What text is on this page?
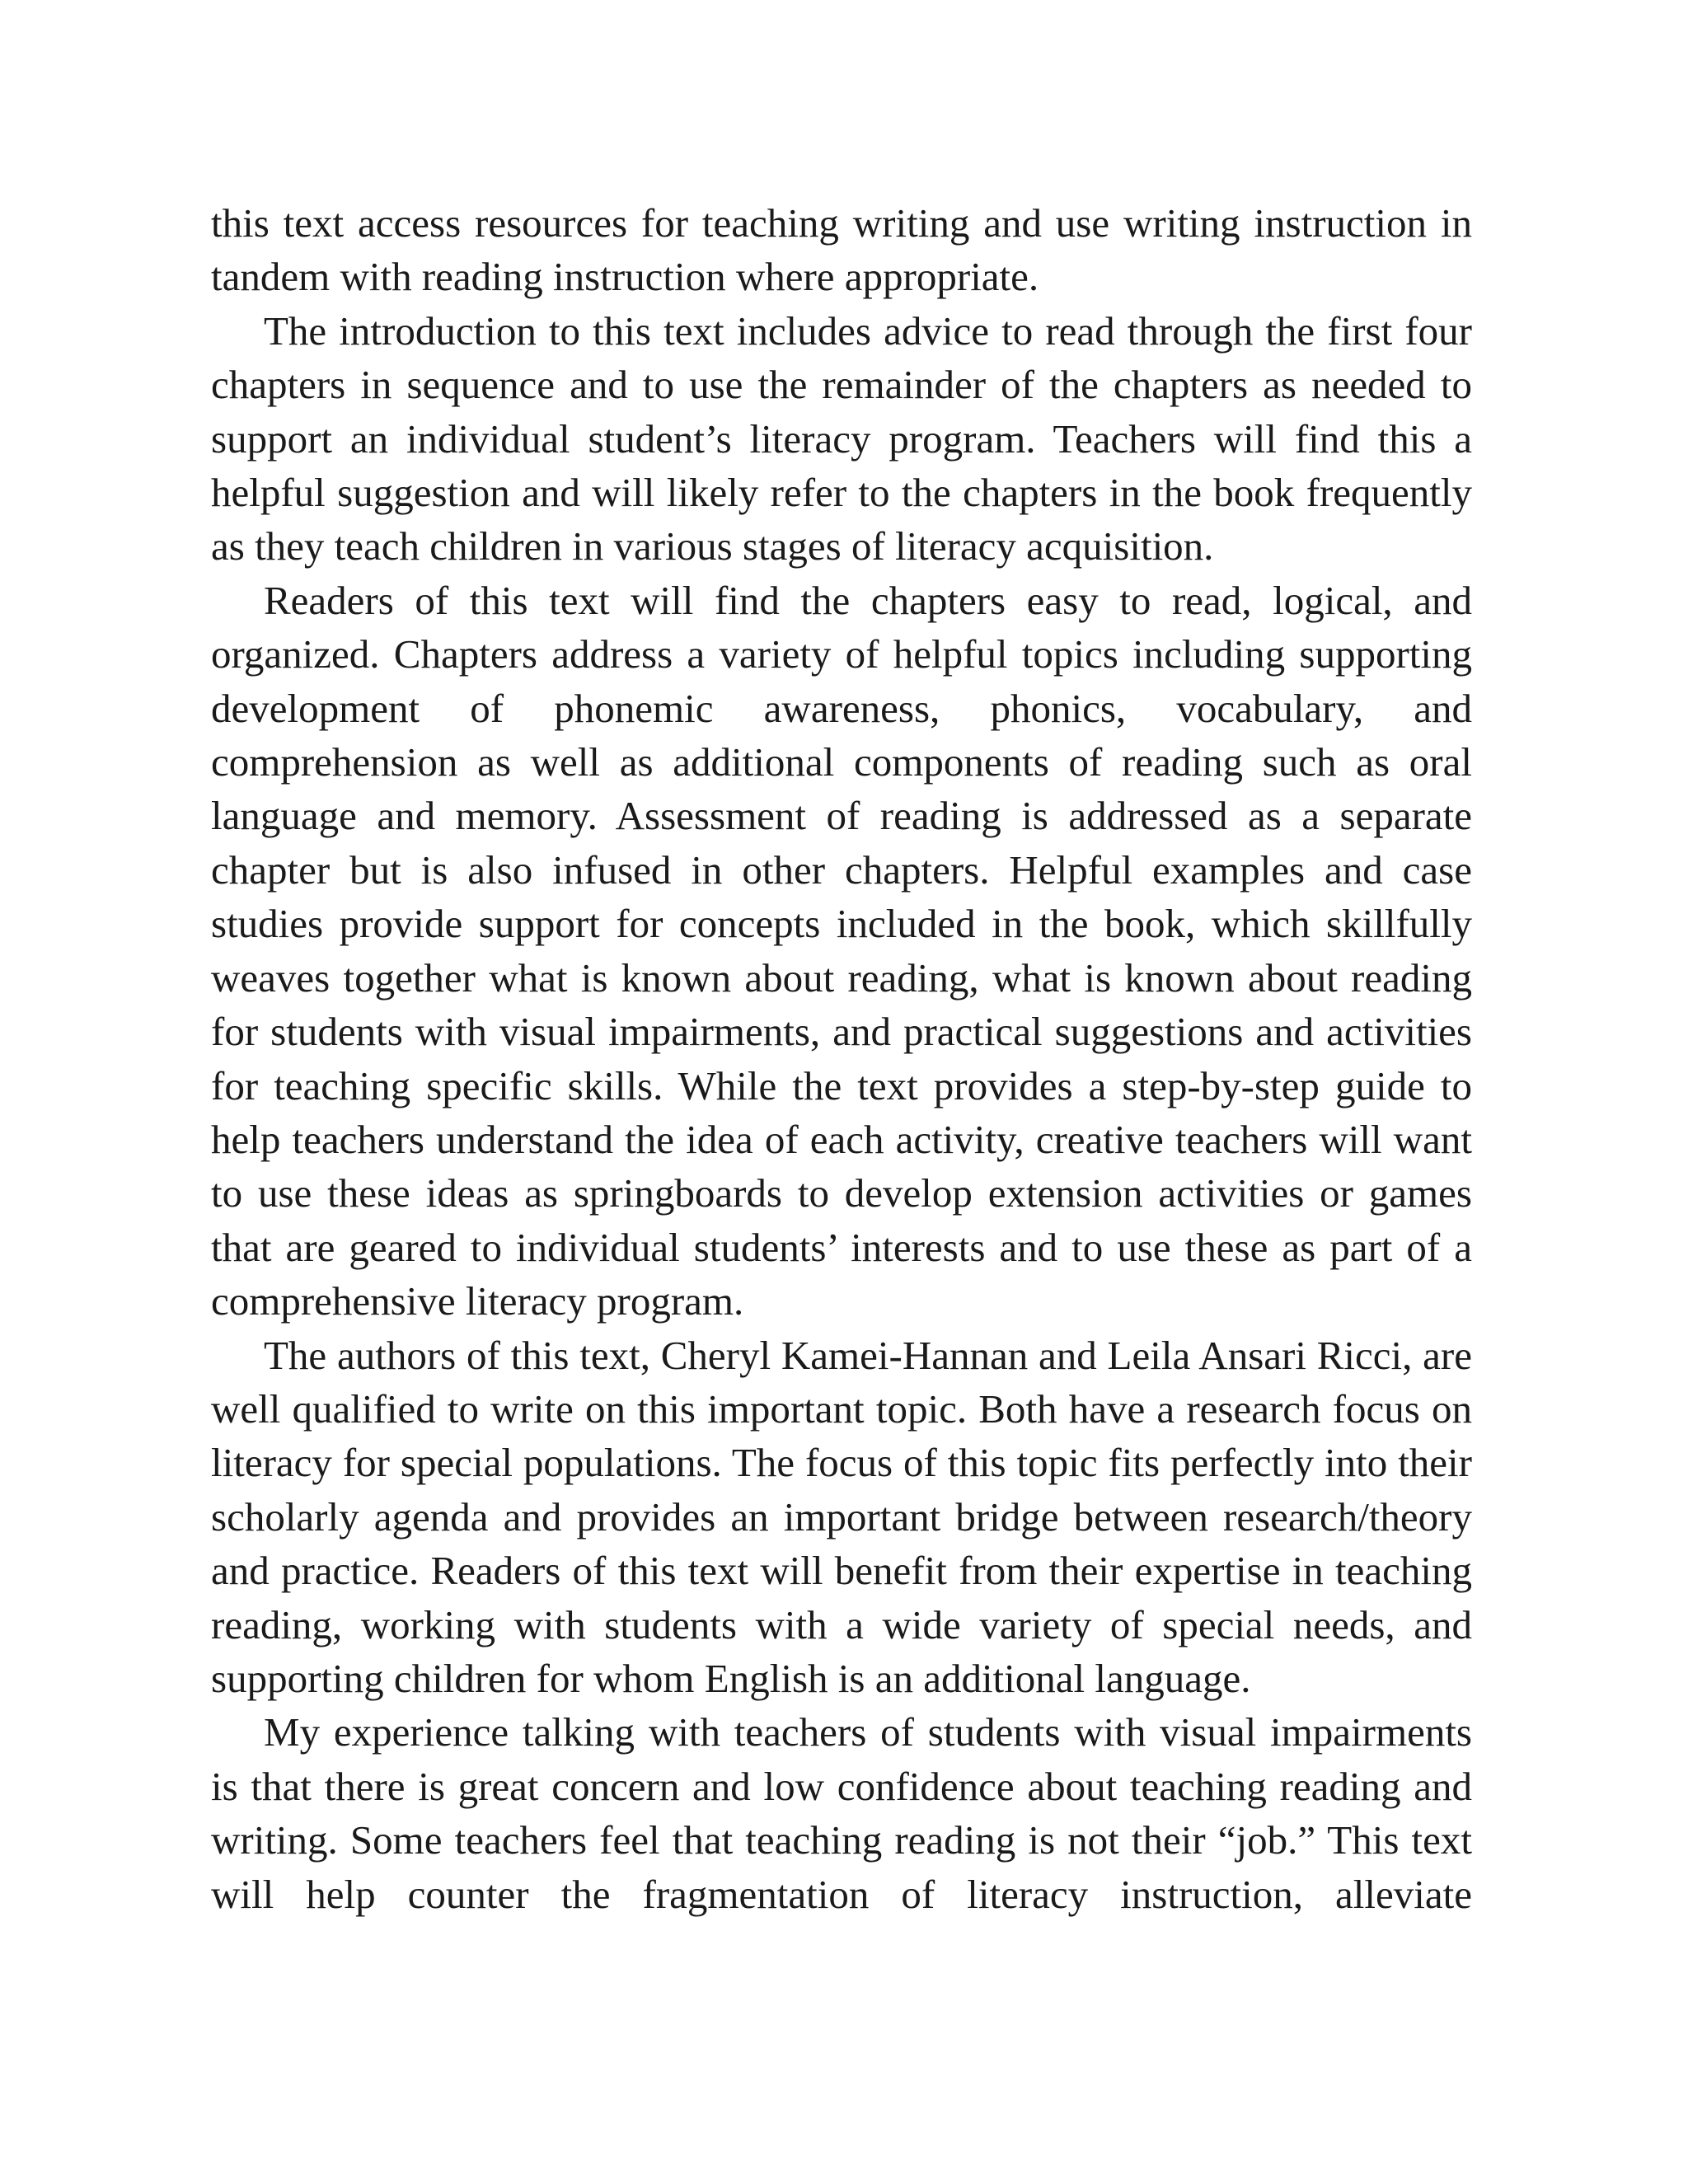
this text access resources for teaching writing and use writing instruction in tandem with reading instruction where appropriate.

The introduction to this text includes advice to read through the first four chapters in sequence and to use the remainder of the chapters as needed to support an individual student’s literacy program. Teachers will find this a helpful suggestion and will likely refer to the chapters in the book frequently as they teach children in various stages of literacy acquisition.

Readers of this text will find the chapters easy to read, logical, and organized. Chapters address a variety of helpful topics including supporting development of phonemic awareness, phonics, vocabulary, and comprehension as well as additional components of reading such as oral language and memory. Assessment of reading is addressed as a separate chapter but is also infused in other chapters. Helpful examples and case studies provide support for concepts included in the book, which skillfully weaves together what is known about reading, what is known about reading for students with visual impairments, and practical suggestions and activities for teaching specific skills. While the text provides a step-by-step guide to help teachers understand the idea of each activity, creative teachers will want to use these ideas as springboards to develop extension activities or games that are geared to individual students’ interests and to use these as part of a comprehensive literacy program.

The authors of this text, Cheryl Kamei-Hannan and Leila Ansari Ricci, are well qualified to write on this important topic. Both have a research focus on literacy for special populations. The focus of this topic fits perfectly into their scholarly agenda and provides an important bridge between research/theory and practice. Readers of this text will benefit from their expertise in teaching reading, working with students with a wide variety of special needs, and supporting children for whom English is an additional language.

My experience talking with teachers of students with visual impairments is that there is great concern and low confidence about teaching reading and writing. Some teachers feel that teaching reading is not their “job.” This text will help counter the fragmentation of literacy instruction, alleviate
